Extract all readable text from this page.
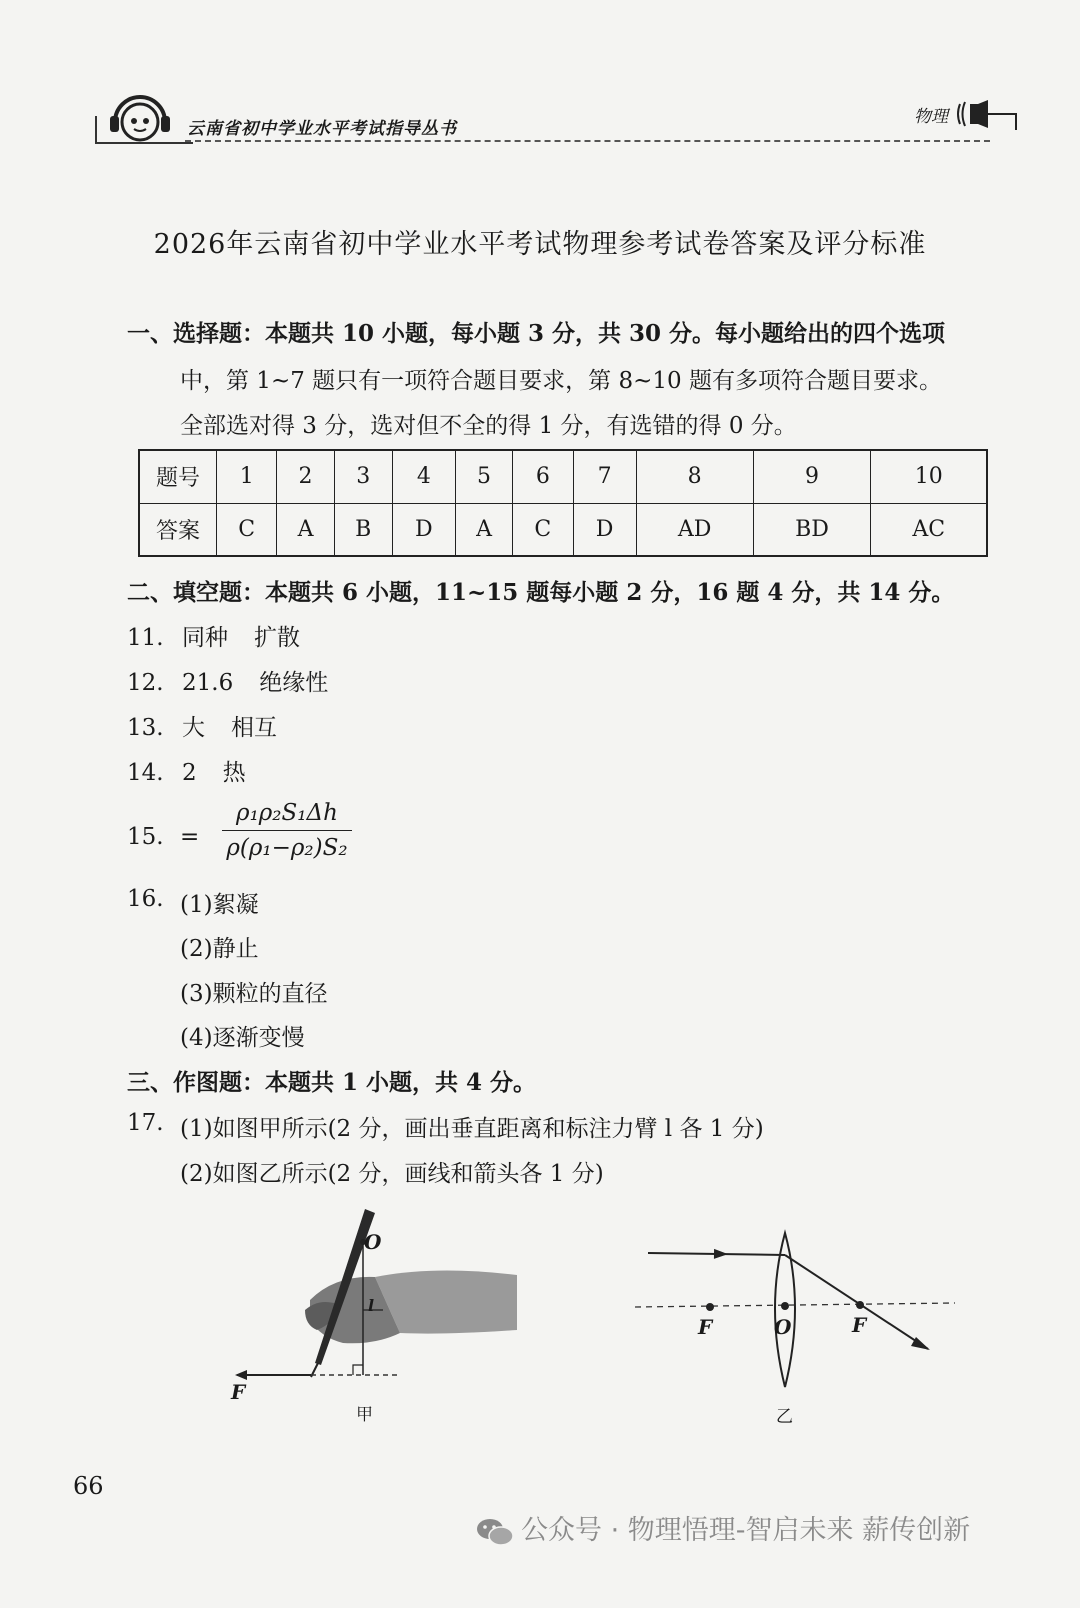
云南省初中学业水平考试指导丛书
物理
2026年云南省初中学业水平考试物理参考试卷答案及评分标准
一、选择题：本题共 10 小题，每小题 3 分，共 30 分。每小题给出的四个选项
中，第 1~7 题只有一项符合题目要求，第 8~10 题有多项符合题目要求。
全部选对得 3 分，选对但不全的得 1 分，有选错的得 0 分。
题号	1	2	3	4	5	6	7	8	9	10
答案	C	A	B	D	A	C	D	AD	BD	AC
二、填空题：本题共 6 小题，11~15 题每小题 2 分，16 题 4 分，共 14 分。
11. 同种 扩散
12. 21.6 绝缘性
13. 大 相互
14. 2 热
15. =
ρ₁ρ₂S₁Δh
ρ(ρ₁−ρ₂)S₂
16. (1)絮凝
(2)静止
(3)颗粒的直径
(4)逐渐变慢
三、作图题：本题共 1 小题，共 4 分。
17. (1)如图甲所示(2 分，画出垂直距离和标注力臂 l 各 1 分)
(2)如图乙所示(2 分，画线和箭头各 1 分)
O
l
F
甲
F	O	F
乙
66
公众号 · 物理悟理-智启未来 薪传创新
